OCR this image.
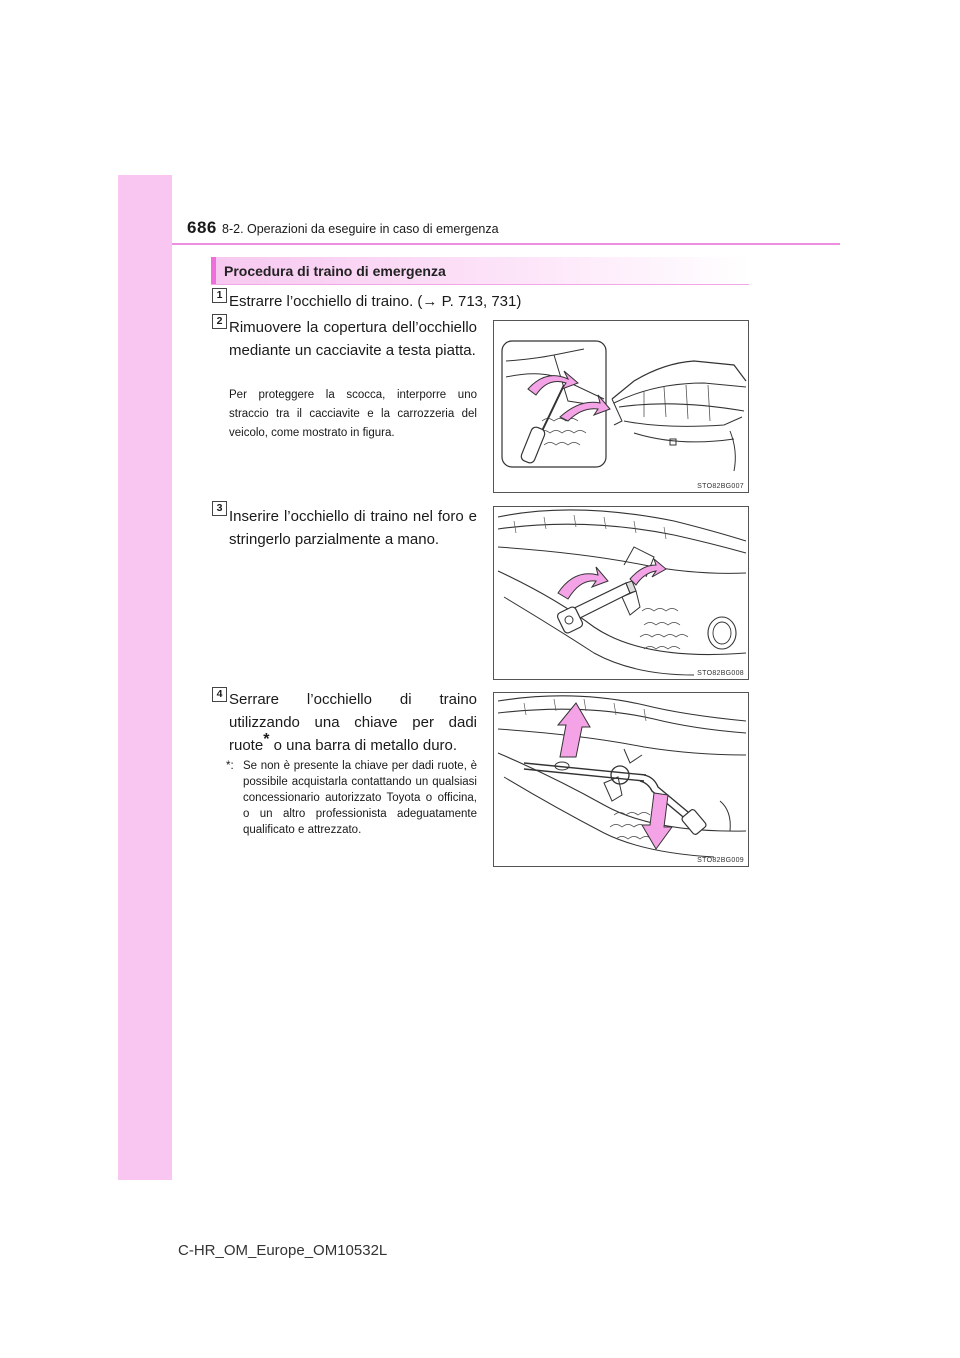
686 8-2. Operazioni da eseguire in caso di emergenza
Procedura di traino di emergenza
1 Estrarre l’occhiello di traino. (→ P. 713, 731)
2 Rimuovere la copertura dell’occhiello mediante un cacciavite a testa piatta.
Per proteggere la scocca, interporre uno straccio tra il cacciavite e la carrozzeria del veicolo, come mostrato in figura.
STO82BG007
3 Inserire l’occhiello di traino nel foro e stringerlo parzialmente a mano.
STO82BG008
4 Serrare l’occhiello di traino utilizzando una chiave per dadi ruote* o una barra di metallo duro.
*: Se non è presente la chiave per dadi ruote, è possibile acquistarla contattando un qualsiasi concessionario autorizzato Toyota o officina, o un altro professionista adeguatamente qualificato e attrezzato.
STO82BG009
C-HR_OM_Europe_OM10532L
